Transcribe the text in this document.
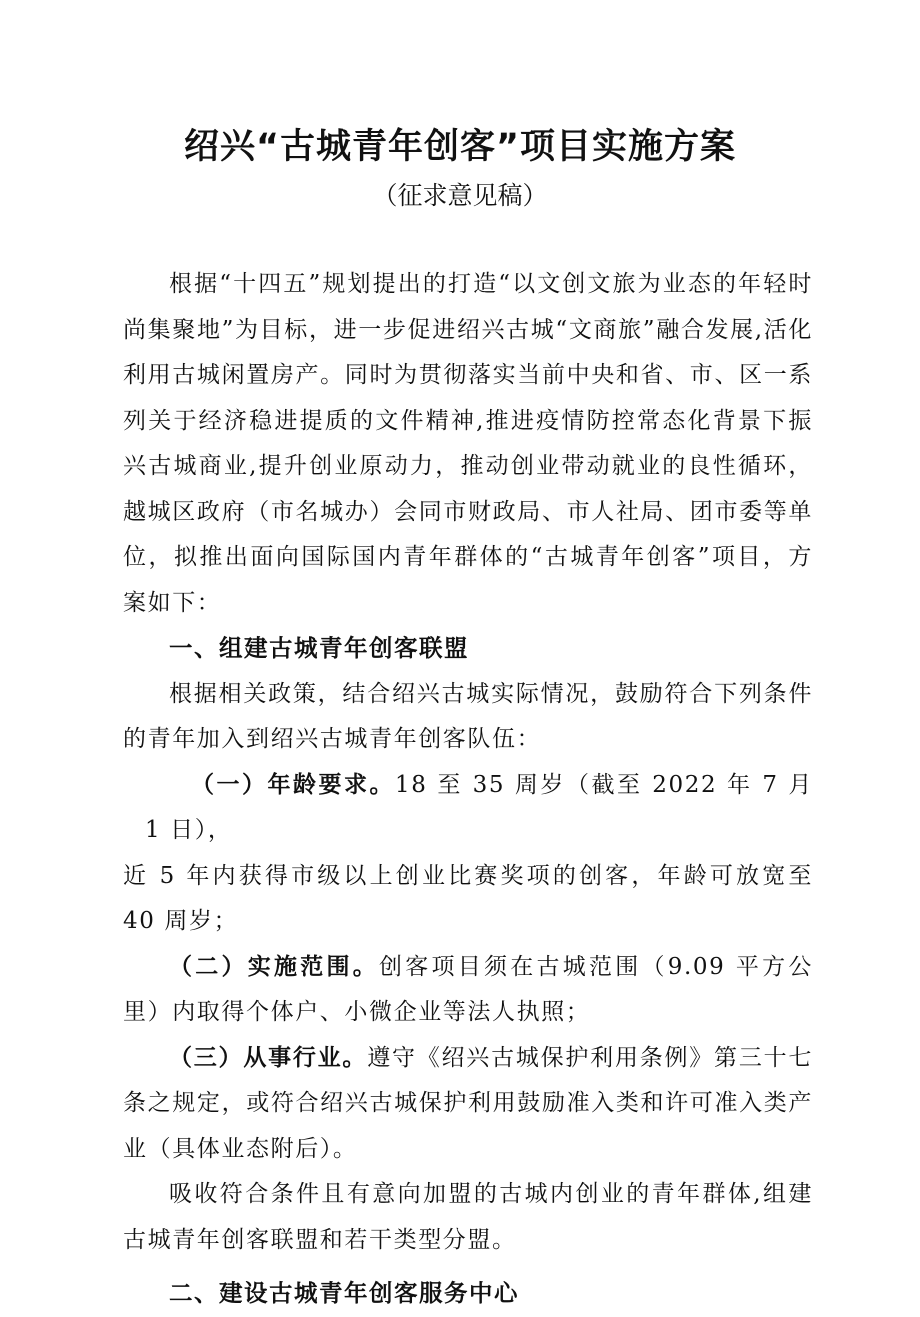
绍兴“古城青年创客”项目实施方案
（征求意见稿）

根据“十四五”规划提出的打造“以文创文旅为业态的年轻时尚集聚地”为目标，进一步促进绍兴古城“文商旅”融合发展,活化利用古城闲置房产。同时为贯彻落实当前中央和省、市、区一系列关于经济稳进提质的文件精神,推进疫情防控常态化背景下振兴古城商业,提升创业原动力，推动创业带动就业的良性循环，越城区政府（市名城办）会同市财政局、市人社局、团市委等单位，拟推出面向国际国内青年群体的“古城青年创客”项目，方案如下：

一、组建古城青年创客联盟

根据相关政策，结合绍兴古城实际情况，鼓励符合下列条件的青年加入到绍兴古城青年创客队伍：

（一）年龄要求。18 至 35 周岁（截至 2022 年 7 月 1 日），
近 5 年内获得市级以上创业比赛奖项的创客，年龄可放宽至 40 周岁；

（二）实施范围。创客项目须在古城范围（9.09 平方公里）内取得个体户、小微企业等法人执照；

（三）从事行业。遵守《绍兴古城保护利用条例》第三十七条之规定，或符合绍兴古城保护利用鼓励准入类和许可准入类产业（具体业态附后）。

吸收符合条件且有意向加盟的古城内创业的青年群体,组建古城青年创客联盟和若干类型分盟。

二、建设古城青年创客服务中心
